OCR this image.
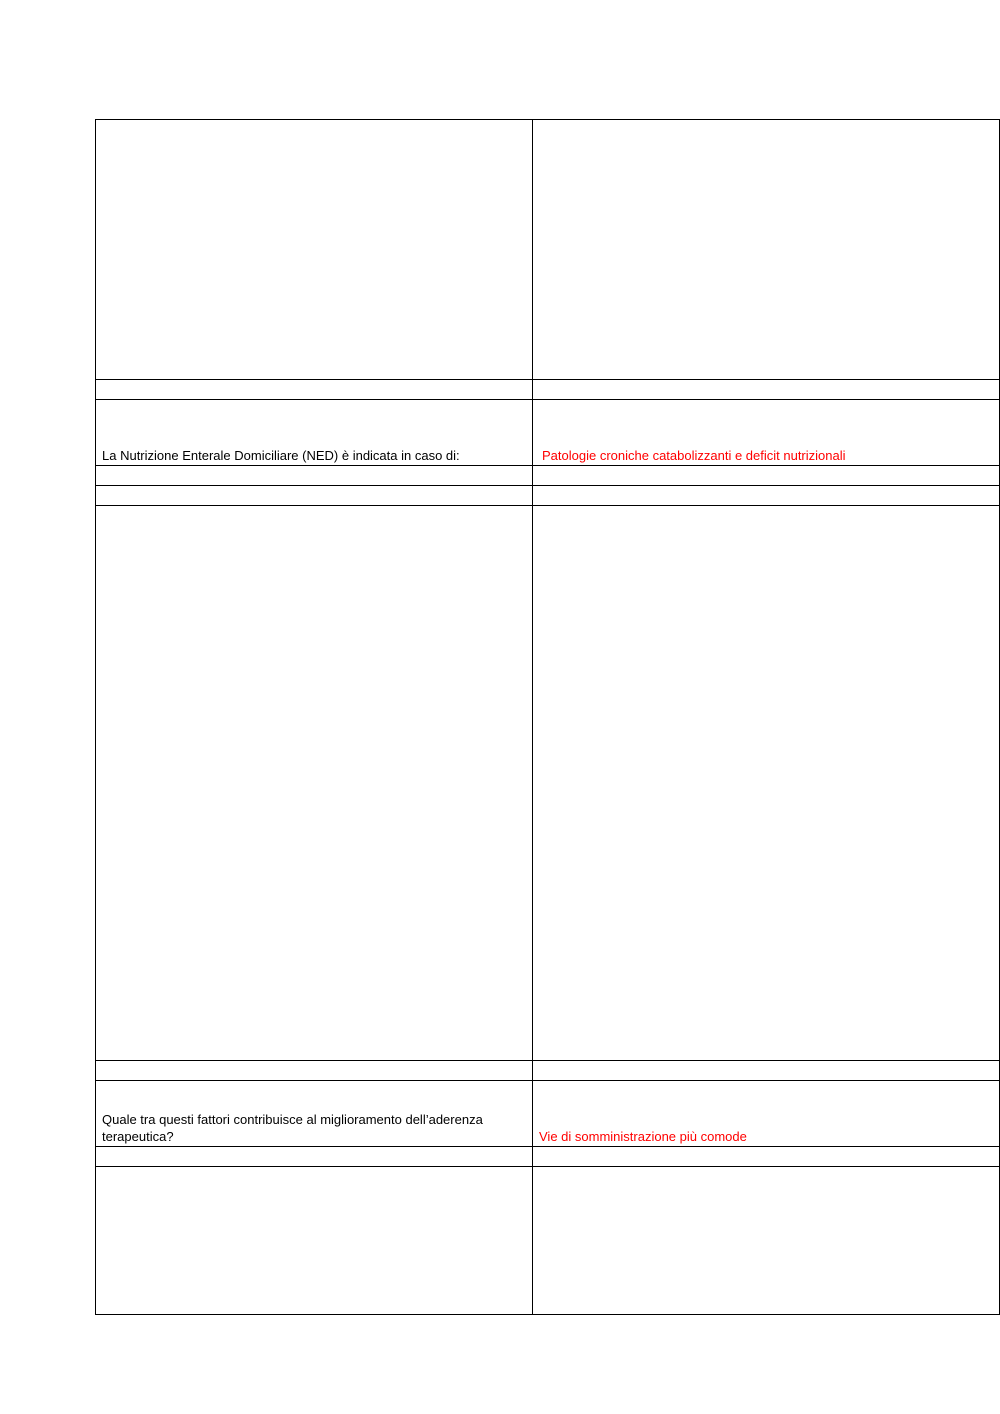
La Nutrizione Enterale Domiciliare (NED) è indicata in caso di:	Patologie croniche catabolizzanti e deficit nutrizionali

Quale tra questi fattori contribuisce al miglioramento dell’aderenza terapeutica?	Vie di somministrazione più comode
